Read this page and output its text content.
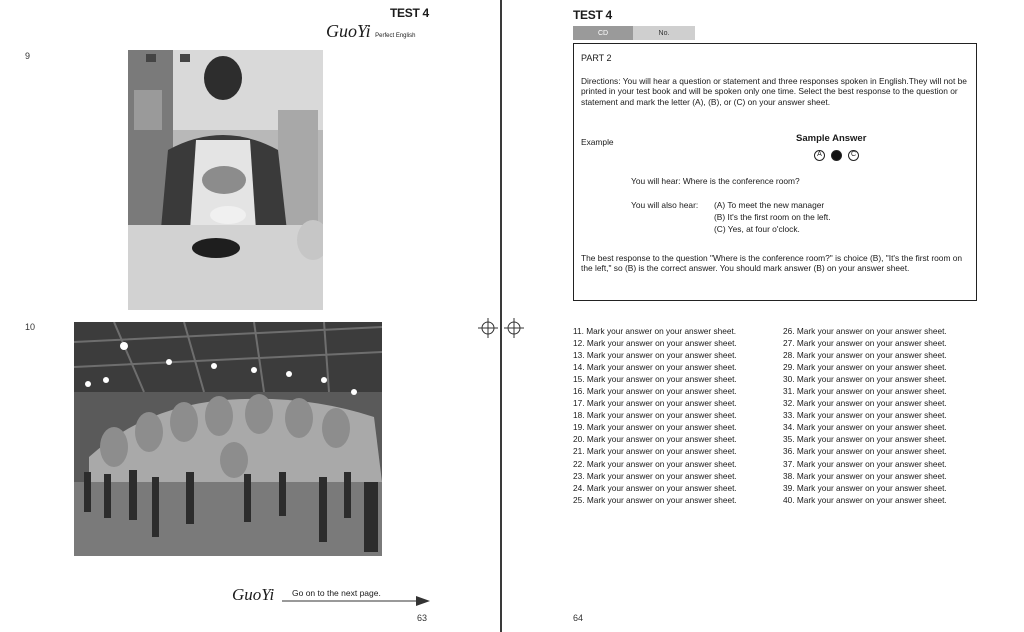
TEST 4
GuoYi Perfect English
9
10
GuoYi Go on to the next page.
63
TEST 4
CD	No.
PART 2
Directions: You will hear a question or statement and three responses spoken in English.They will not be printed in your test book and will be spoken only one time. Select the best response to the question or statement and mark the letter (A), (B), or (C) on your answer sheet.
Example	Sample Answer
A	C
You will hear: Where is the conference room?
You will also hear: (A) To meet the new manager
(B) It's the first room on the left.
(C) Yes, at four o'clock.
The best response to the question "Where is the conference room?" is choice (B), "It's the first room on the left," so (B) is the correct answer. You should mark answer (B) on your answer sheet.
11. Mark your answer on your answer sheet.
12. Mark your answer on your answer sheet.
13. Mark your answer on your answer sheet.
14. Mark your answer on your answer sheet.
15. Mark your answer on your answer sheet.
16. Mark your answer on your answer sheet.
17. Mark your answer on your answer sheet.
18. Mark your answer on your answer sheet.
19. Mark your answer on your answer sheet.
20. Mark your answer on your answer sheet.
21. Mark your answer on your answer sheet.
22. Mark your answer on your answer sheet.
23. Mark your answer on your answer sheet.
24. Mark your answer on your answer sheet.
25. Mark your answer on your answer sheet.
26. Mark your answer on your answer sheet.
27. Mark your answer on your answer sheet.
28. Mark your answer on your answer sheet.
29. Mark your answer on your answer sheet.
30. Mark your answer on your answer sheet.
31. Mark your answer on your answer sheet.
32. Mark your answer on your answer sheet.
33. Mark your answer on your answer sheet.
34. Mark your answer on your answer sheet.
35. Mark your answer on your answer sheet.
36. Mark your answer on your answer sheet.
37. Mark your answer on your answer sheet.
38. Mark your answer on your answer sheet.
39. Mark your answer on your answer sheet.
40. Mark your answer on your answer sheet.
64
